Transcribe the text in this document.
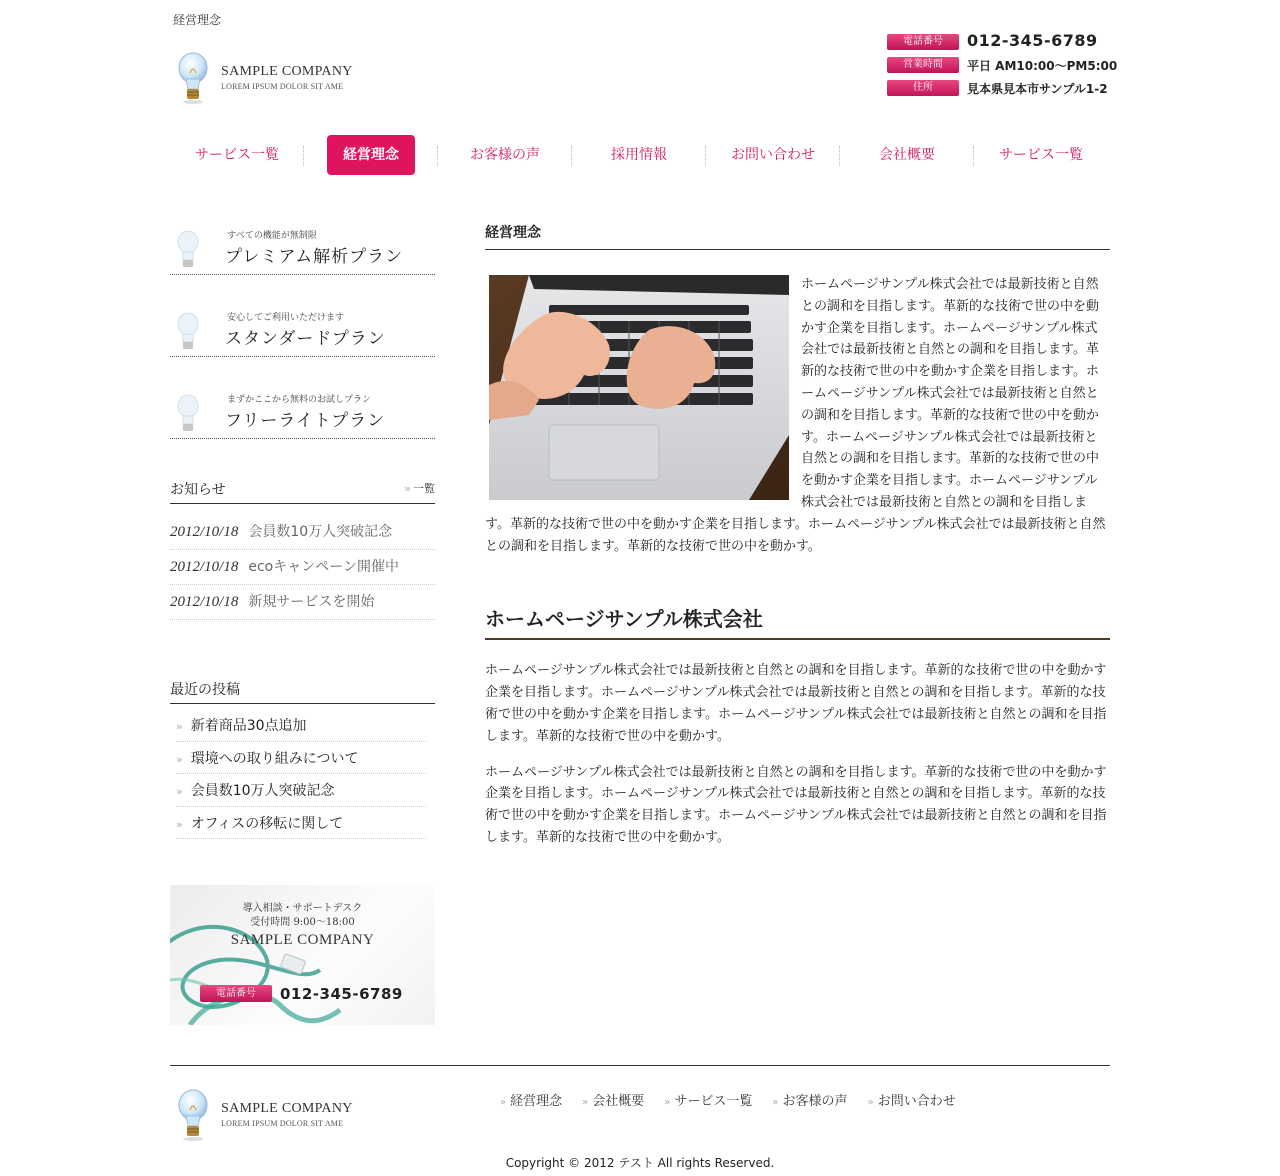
経営理念
SAMPLE COMPANY
LOREM IPSUM DOLOR SIT AME
電話番号	012-345-6789
営業時間	平日 AM10:00〜PM5:00
住所	見本県見本市サンプル1-2
サービス一覧	経営理念	お客様の声	採用情報	お問い合わせ	会社概要	サービス一覧
すべての機能が無制限
プレミアム解析プラン
安心してご利用いただけます
スタンダードプラン
まずかここから無料のお試しプラン
フリーライトプラン
お知らせ	» 一覧
2012/10/18 会員数10万人突破記念
2012/10/18 ecoキャンペーン開催中
2012/10/18 新規サービスを開始
最近の投稿
» 新着商品30点追加
» 環境への取り組みについて
» 会員数10万人突破記念
» オフィスの移転に関して
導入相談・サポートデスク
受付時間 9:00〜18:00
SAMPLE COMPANY
電話番号	012-345-6789
経営理念
ホームページサンプル株式会社では最新技術と自然との調和を目指します。革新的な技術で世の中を動かす企業を目指します。ホームページサンプル株式会社では最新技術と自然との調和を目指します。革新的な技術で世の中を動かす企業を目指します。ホームページサンプル株式会社では最新技術と自然との調和を目指します。革新的な技術で世の中を動かす。ホームページサンプル株式会社では最新技術と自然との調和を目指します。革新的な技術で世の中を動かす企業を目指します。ホームページサンプル株式会社では最新技術と自然との調和を目指します。革新的な技術で世の中を動かす企業を目指します。ホームページサンプル株式会社では最新技術と自然との調和を目指します。革新的な技術で世の中を動かす。
ホームページサンプル株式会社

ホームページサンプル株式会社では最新技術と自然との調和を目指します。革新的な技術で世の中を動かす企業を目指します。ホームページサンプル株式会社では最新技術と自然との調和を目指します。革新的な技術で世の中を動かす企業を目指します。ホームページサンプル株式会社では最新技術と自然との調和を目指します。革新的な技術で世の中を動かす。

ホームページサンプル株式会社では最新技術と自然との調和を目指します。革新的な技術で世の中を動かす企業を目指します。ホームページサンプル株式会社では最新技術と自然との調和を目指します。革新的な技術で世の中を動かす企業を目指します。ホームページサンプル株式会社では最新技術と自然との調和を目指します。革新的な技術で世の中を動かす。

SAMPLE COMPANY
LOREM IPSUM DOLOR SIT AME
» 経営理念	» 会社概要	» サービス一覧	» お客様の声	» お問い合わせ
Copyright © 2012 テスト All rights Reserved.
